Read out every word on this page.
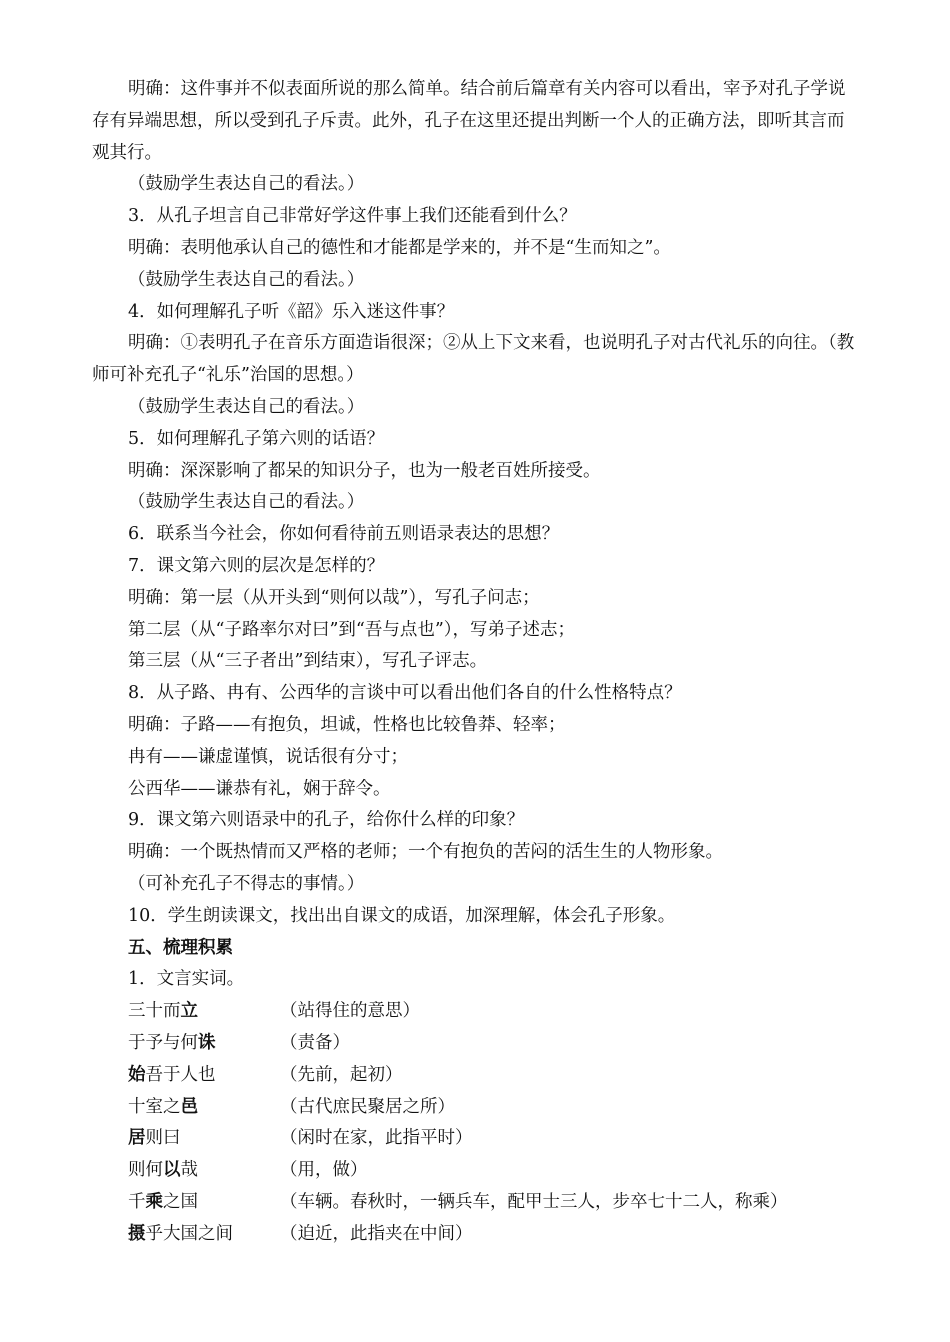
明确：这件事并不似表面所说的那么简单。结合前后篇章有关内容可以看出，宰予对孔子学说存有异端思想，所以受到孔子斥责。此外，孔子在这里还提出判断一个人的正确方法，即听其言而观其行。

（鼓励学生表达自己的看法。）

3．从孔子坦言自己非常好学这件事上我们还能看到什么？

明确：表明他承认自己的德性和才能都是学来的，并不是“生而知之”。

（鼓励学生表达自己的看法。）

4．如何理解孔子听《韶》乐入迷这件事？

明确：①表明孔子在音乐方面造诣很深；②从上下文来看，也说明孔子对古代礼乐的向往。（教师可补充孔子“礼乐”治国的思想。）

（鼓励学生表达自己的看法。）

5．如何理解孔子第六则的话语？

明确：深深影响了都呆的知识分子，也为一般老百姓所接受。

（鼓励学生表达自己的看法。）

6．联系当今社会，你如何看待前五则语录表达的思想？

7．课文第六则的层次是怎样的？

明确：第一层（从开头到“则何以哉”），写孔子问志；

第二层（从“子路率尔对曰”到“吾与点也”），写弟子述志；

第三层（从“三子者出”到结束），写孔子评志。

8．从子路、冉有、公西华的言谈中可以看出他们各自的什么性格特点？

明确：子路——有抱负，坦诚，性格也比较鲁莽、轻率；

冉有——谦虚谨慎，说话很有分寸；

公西华——谦恭有礼，娴于辞令。

9．课文第六则语录中的孔子，给你什么样的印象？

明确：一个既热情而又严格的老师；一个有抱负的苦闷的活生生的人物形象。

（可补充孔子不得志的事情。）

10．学生朗读课文，找出出自课文的成语，加深理解，体会孔子形象。

五、梳理积累

1．文言实词。

三十而立	（站得住的意思）
于予与何诛	（责备）
始吾于人也	（先前，起初）
十室之邑	（古代庶民聚居之所）
居则曰	（闲时在家，此指平时）
则何以哉	（用，做）
千乘之国	（车辆。春秋时，一辆兵车，配甲士三人，步卒七十二人，称乘）
摄乎大国之间	（迫近，此指夹在中间）
